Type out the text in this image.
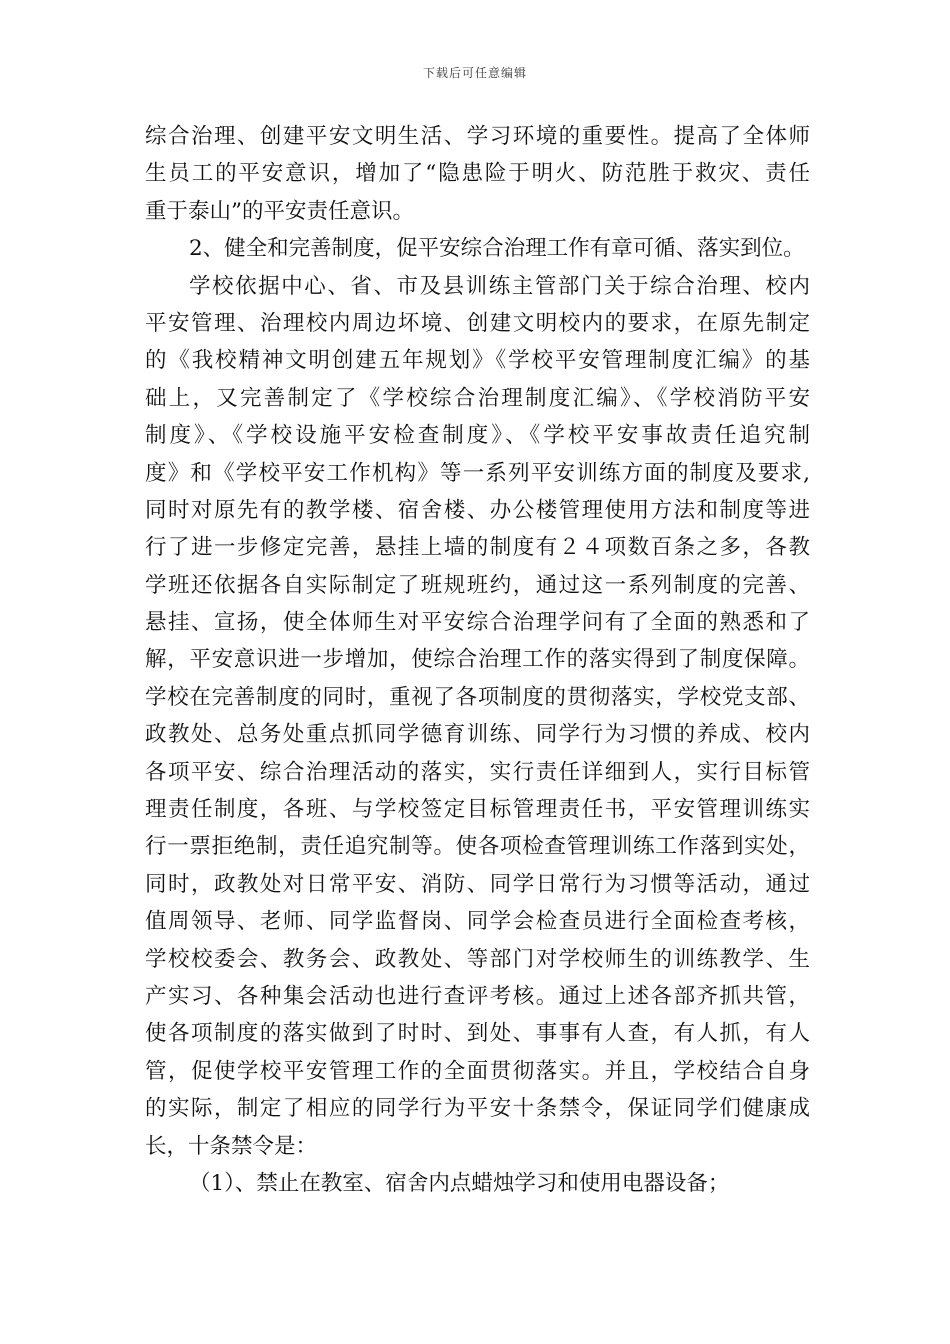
下载后可任意编辑
综合治理、创建平安文明生活、学习环境的重要性。提高了全体师
生员工的平安意识，增加了“隐患险于明火、防范胜于救灾、责任
重于泰山”的平安责任意识。
2、健全和完善制度，促平安综合治理工作有章可循、落实到位。
学校依据中心、省、市及县训练主管部门关于综合治理、校内
平安管理、治理校内周边坏境、创建文明校内的要求，在原先制定
的《我校精神文明创建五年规划》《学校平安管理制度汇编》的基
础上，又完善制定了《学校综合治理制度汇编》、《学校消防平安
制度》、《学校设施平安检查制度》、《学校平安事故责任追究制
度》和《学校平安工作机构》等一系列平安训练方面的制度及要求,
同时对原先有的教学楼、宿舍楼、办公楼管理使用方法和制度等进
行了进一步修定完善，悬挂上墙的制度有２４项数百条之多，各教
学班还依据各自实际制定了班规班约，通过这一系列制度的完善、
悬挂、宣扬，使全体师生对平安综合治理学问有了全面的熟悉和了
解，平安意识进一步增加，使综合治理工作的落实得到了制度保障。
学校在完善制度的同时，重视了各项制度的贯彻落实，学校党支部、
政教处、总务处重点抓同学德育训练、同学行为习惯的养成、校内
各项平安、综合治理活动的落实，实行责任详细到人，实行目标管
理责任制度，各班、与学校签定目标管理责任书，平安管理训练实
行一票拒绝制，责任追究制等。使各项检查管理训练工作落到实处，
同时，政教处对日常平安、消防、同学日常行为习惯等活动，通过
值周领导、老师、同学监督岗、同学会检查员进行全面检查考核，
学校校委会、教务会、政教处、等部门对学校师生的训练教学、生
产实习、各种集会活动也进行查评考核。通过上述各部齐抓共管，
使各项制度的落实做到了时时、到处、事事有人查，有人抓，有人
管，促使学校平安管理工作的全面贯彻落实。并且，学校结合自身
的实际，制定了相应的同学行为平安十条禁令，保证同学们健康成
长，十条禁令是：
（1）、禁止在教室、宿舍内点蜡烛学习和使用电器设备；
